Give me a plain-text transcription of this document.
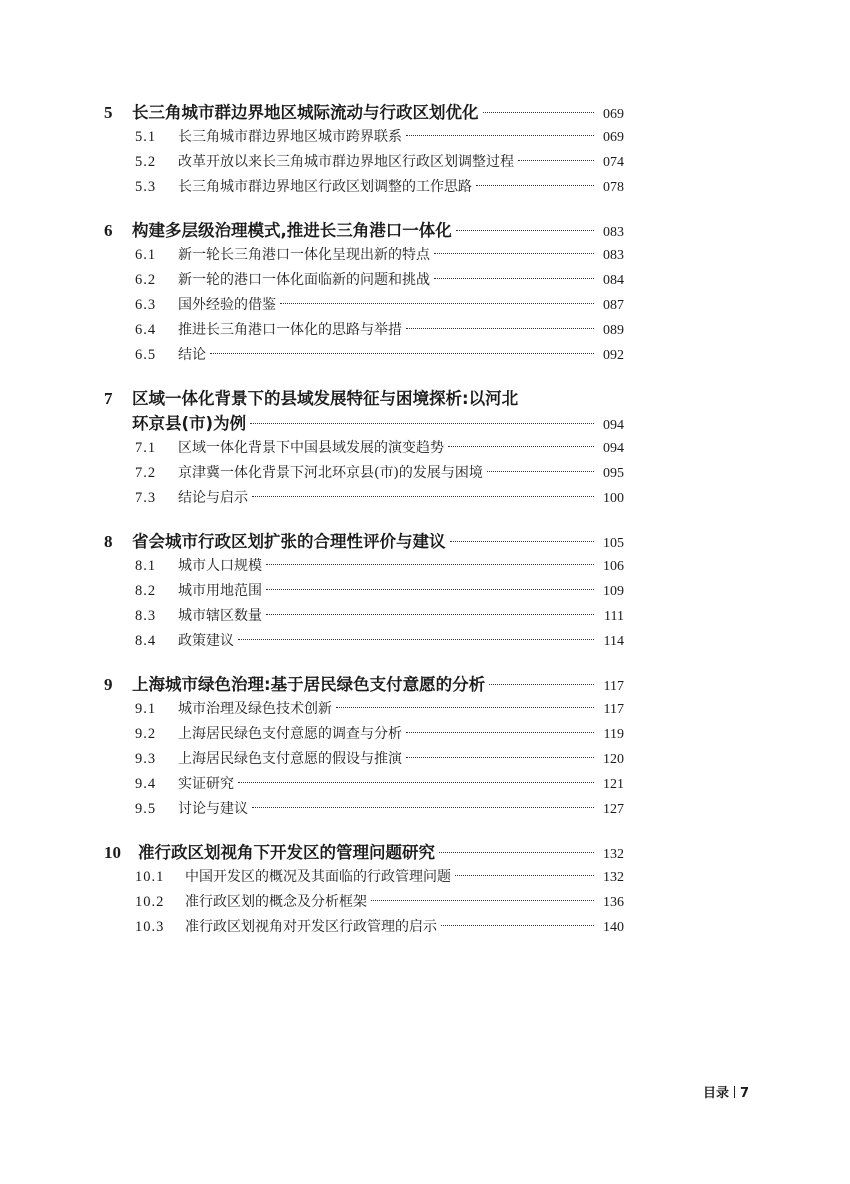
5	长三角城市群边界地区城际流动与行政区划优化	069
5.1	长三角城市群边界地区城市跨界联系	069
5.2	改革开放以来长三角城市群边界地区行政区划调整过程	074
5.3	长三角城市群边界地区行政区划调整的工作思路	078
6	构建多层级治理模式,推进长三角港口一体化	083
6.1	新一轮长三角港口一体化呈现出新的特点	083
6.2	新一轮的港口一体化面临新的问题和挑战	084
6.3	国外经验的借鉴	087
6.4	推进长三角港口一体化的思路与举措	089
6.5	结论	092
7	区域一体化背景下的县域发展特征与困境探析:以河北
环京县(市)为例	094
7.1	区域一体化背景下中国县域发展的演变趋势	094
7.2	京津冀一体化背景下河北环京县(市)的发展与困境	095
7.3	结论与启示	100
8	省会城市行政区划扩张的合理性评价与建议	105
8.1	城市人口规模	106
8.2	城市用地范围	109
8.3	城市辖区数量	111
8.4	政策建议	114
9	上海城市绿色治理:基于居民绿色支付意愿的分析	117
9.1	城市治理及绿色技术创新	117
9.2	上海居民绿色支付意愿的调查与分析	119
9.3	上海居民绿色支付意愿的假设与推演	120
9.4	实证研究	121
9.5	讨论与建议	127
10	准行政区划视角下开发区的管理问题研究	132
10.1	中国开发区的概况及其面临的行政管理问题	132
10.2	准行政区划的概念及分析框架	136
10.3	准行政区划视角对开发区行政管理的启示	140
目录 7
